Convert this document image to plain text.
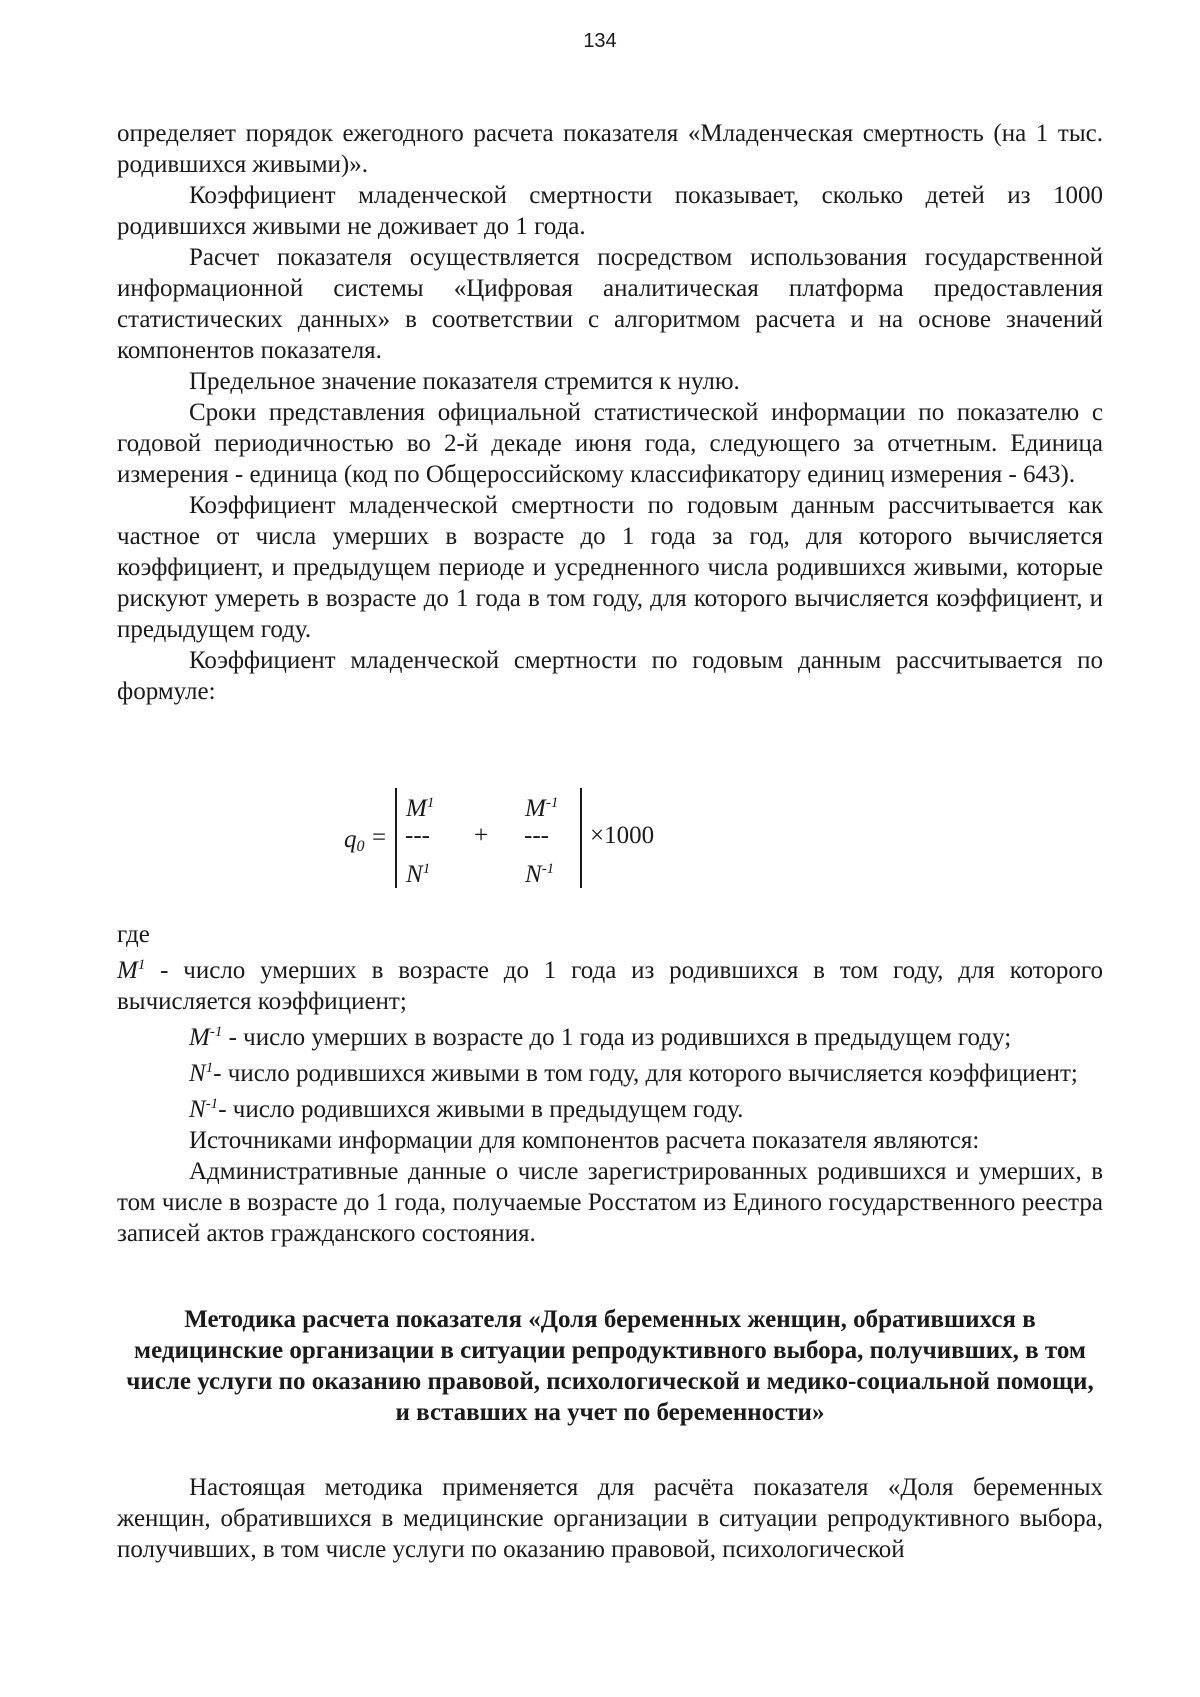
134

определяет порядок ежегодного расчета показателя «Младенческая смертность (на 1 тыс. родившихся живыми)».

Коэффициент младенческой смертности показывает, сколько детей из 1000 родившихся живыми не доживает до 1 года.

Расчет показателя осуществляется посредством использования государственной информационной системы «Цифровая аналитическая платформа предоставления статистических данных» в соответствии с алгоритмом расчета и на основе значений компонентов показателя.

Предельное значение показателя стремится к нулю.

Сроки представления официальной статистической информации по показателю с годовой периодичностью во 2-й декаде июня года, следующего за отчетным. Единица измерения - единица (код по Общероссийскому классификатору единиц измерения - 643).

Коэффициент младенческой смертности по годовым данным рассчитывается как частное от числа умерших в возрасте до 1 года за год, для которого вычисляется коэффициент, и предыдущем периоде и усредненного числа родившихся живыми, которые рискуют умереть в возрасте до 1 года в том году, для которого вычисляется коэффициент, и предыдущем году.

Коэффициент младенческой смертности по годовым данным рассчитывается по формуле:

$q_0$ =
$M^1$
---
$N^1$
+
$M^{-1}$
---
$N^{-1}$
×1000

где

$M^1$ - число умерших в возрасте до 1 года из родившихся в том году, для которого вычисляется коэффициент;

$M^{-1}$ - число умерших в возрасте до 1 года из родившихся в предыдущем году;

$N^1-$ число родившихся живыми в том году, для которого вычисляется коэффициент;

$N^{-1}-$ число родившихся живыми в предыдущем году.

Источниками информации для компонентов расчета показателя являются:

Административные данные о числе зарегистрированных родившихся и умерших, в том числе в возрасте до 1 года, получаемые Росстатом из Единого государственного реестра записей актов гражданского состояния.

Методика расчета показателя «Доля беременных женщин, обратившихся в медицинские организации в ситуации репродуктивного выбора, получивших, в том числе услуги по оказанию правовой, психологической и медико-социальной помощи, и вставших на учет по беременности»

Настоящая методика применяется для расчёта показателя «Доля беременных женщин, обратившихся в медицинские организации в ситуации репродуктивного выбора, получивших, в том числе услуги по оказанию правовой, психологической
